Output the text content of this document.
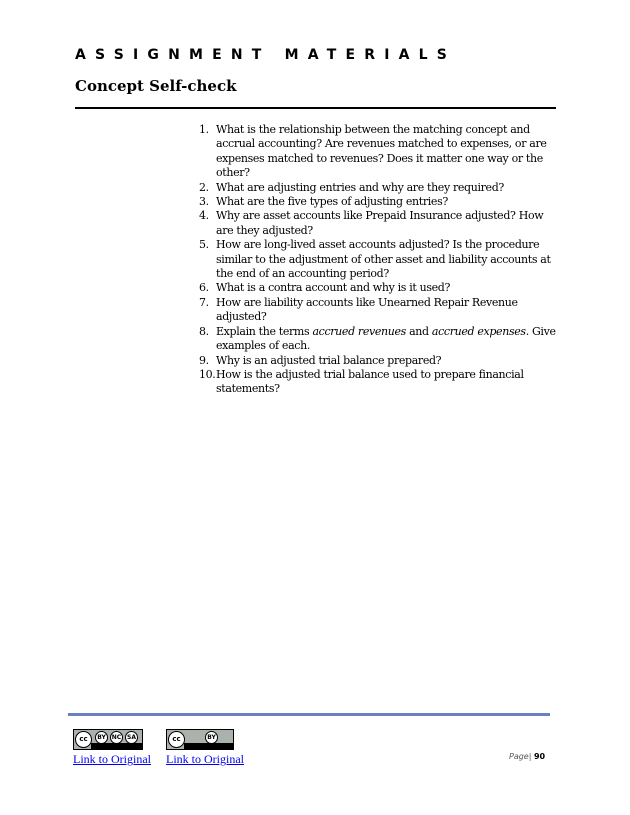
ASSIGNMENT MATERIALS
Concept Self-check
1. What is the relationship between the matching concept and accrual accounting? Are revenues matched to expenses, or are expenses matched to revenues? Does it matter one way or the other?
2. What are adjusting entries and why are they required?
3. What are the five types of adjusting entries?
4. Why are asset accounts like Prepaid Insurance adjusted? How are they adjusted?
5. How are long-lived asset accounts adjusted? Is the procedure similar to the adjustment of other asset and liability accounts at the end of an accounting period?
6. What is a contra account and why is it used?
7. How are liability accounts like Unearned Repair Revenue adjusted?
8. Explain the terms accrued revenues and accrued expenses. Give examples of each.
9. Why is an adjusted trial balance prepared?
10. How is the adjusted trial balance used to prepare financial statements?
cc	BY NC SA	cc	BY
Link to Original Link to Original	Page| 90
